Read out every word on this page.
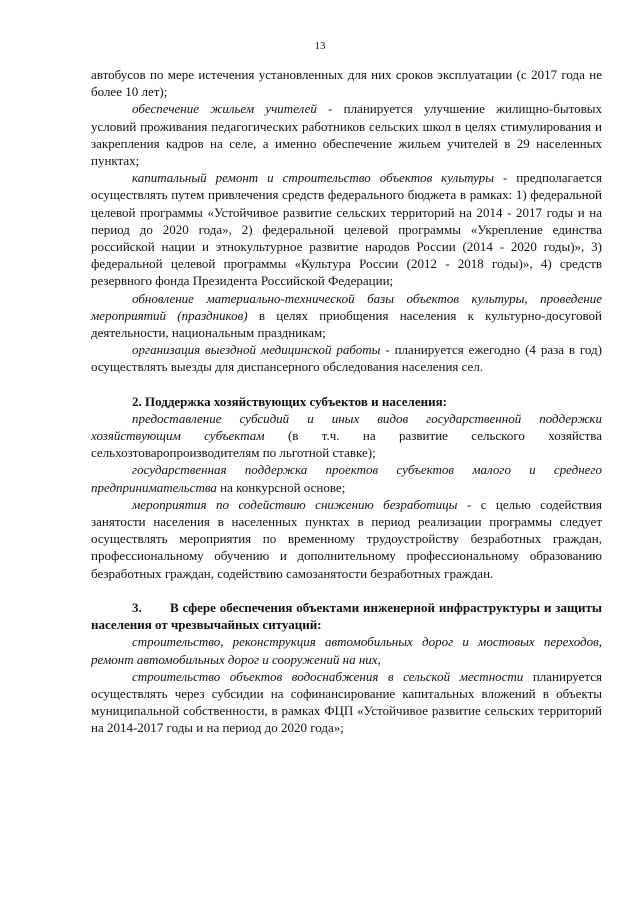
13

автобусов по мере истечения установленных для них сроков эксплуатации (с 2017 года не более 10 лет);

обеспечение жильем учителей - планируется улучшение жилищно-бытовых условий проживания педагогических работников сельских школ в целях стимулирования и закрепления кадров на селе, а именно обеспечение жильем учителей в 29 населенных пунктах;

капитальный ремонт и строительство объектов культуры - предполагается осуществлять путем привлечения средств федерального бюджета в рамках: 1) федеральной целевой программы «Устойчивое развитие сельских территорий на 2014 - 2017 годы и на период до 2020 года», 2) федеральной целевой программы «Укрепление единства российской нации и этнокультурное развитие народов России (2014 - 2020 годы)», 3) федеральной целевой программы «Культура России (2012 - 2018 годы)», 4) средств резервного фонда Президента Российской Федерации;

обновление материально-технической базы объектов культуры, проведение мероприятий (праздников) в целях приобщения населения к культурно-досуговой деятельности, национальным праздникам;

организация выездной медицинской работы - планируется ежегодно (4 раза в год) осуществлять выезды для диспансерного обследования населения сел.

2. Поддержка хозяйствующих субъектов и населения:

предоставление субсидий и иных видов государственной поддержки хозяйствующим субъектам (в т.ч. на развитие сельского хозяйства сельхозтоваропроизводителям по льготной ставке);

государственная поддержка проектов субъектов малого и среднего предпринимательства на конкурсной основе;

мероприятия по содействию снижению безработицы - с целью содействия занятости населения в населенных пунктах в период реализации программы следует осуществлять мероприятия по временному трудоустройству безработных граждан, профессиональному обучению и дополнительному профессиональному образованию безработных граждан, содействию самозанятости безработных граждан.

3. В сфере обеспечения объектами инженерной инфраструктуры и защиты населения от чрезвычайных ситуаций:

строительство, реконструкция автомобильных дорог и мостовых переходов, ремонт автомобильных дорог и сооружений на них,

строительство объектов водоснабжения в сельской местности планируется осуществлять через субсидии на софинансирование капитальных вложений в объекты муниципальной собственности, в рамках ФЦП «Устойчивое развитие сельских территорий на 2014-2017 годы и на период до 2020 года»;
